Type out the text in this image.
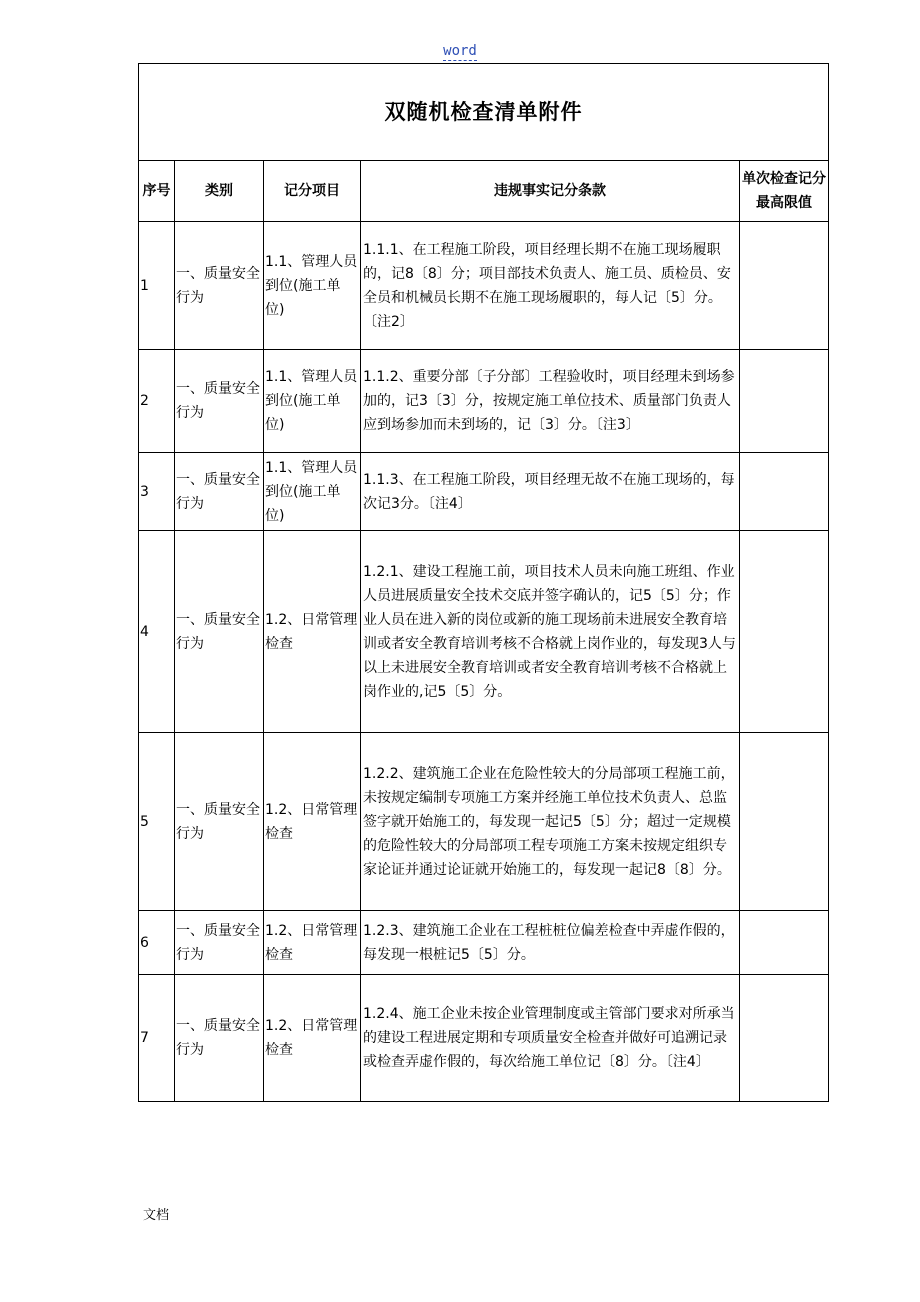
word
双随机检查清单附件				
序号	类别	记分项目	违规事实记分条款	单次检查记分最高限值
1	一、质量安全行为	1.1、管理人员到位(施工单位)	1.1.1、在工程施工阶段，项目经理长期不在施工现场履职的，记8〔8〕分；项目部技术负责人、施工员、质检员、安全员和机械员长期不在施工现场履职的，每人记〔5〕分。〔注2〕	
2	一、质量安全行为	1.1、管理人员到位(施工单位)	1.1.2、重要分部〔子分部〕工程验收时，项目经理未到场参加的，记3〔3〕分，按规定施工单位技术、质量部门负责人应到场参加而未到场的，记〔3〕分。〔注3〕	
3	一、质量安全行为	1.1、管理人员到位(施工单位)	1.1.3、在工程施工阶段，项目经理无故不在施工现场的，每次记3分。〔注4〕	
4	一、质量安全行为	1.2、日常管理检查	1.2.1、建设工程施工前，项目技术人员未向施工班组、作业人员进展质量安全技术交底并签字确认的，记5〔5〕分；作业人员在进入新的岗位或新的施工现场前未进展安全教育培训或者安全教育培训考核不合格就上岗作业的，每发现3人与以上未进展安全教育培训或者安全教育培训考核不合格就上岗作业的,记5〔5〕分。	
5	一、质量安全行为	1.2、日常管理检查	1.2.2、建筑施工企业在危险性较大的分局部项工程施工前，未按规定编制专项施工方案并经施工单位技术负责人、总监签字就开始施工的，每发现一起记5〔5〕分；超过一定规模的危险性较大的分局部项工程专项施工方案未按规定组织专家论证并通过论证就开始施工的，每发现一起记8〔8〕分。	
6	一、质量安全行为	1.2、日常管理检查	1.2.3、建筑施工企业在工程桩桩位偏差检查中弄虚作假的，每发现一根桩记5〔5〕分。	
7	一、质量安全行为	1.2、日常管理检查	1.2.4、施工企业未按企业管理制度或主管部门要求对所承当的建设工程进展定期和专项质量安全检查并做好可追溯记录或检查弄虚作假的，每次给施工单位记〔8〕分。〔注4〕	
文档
